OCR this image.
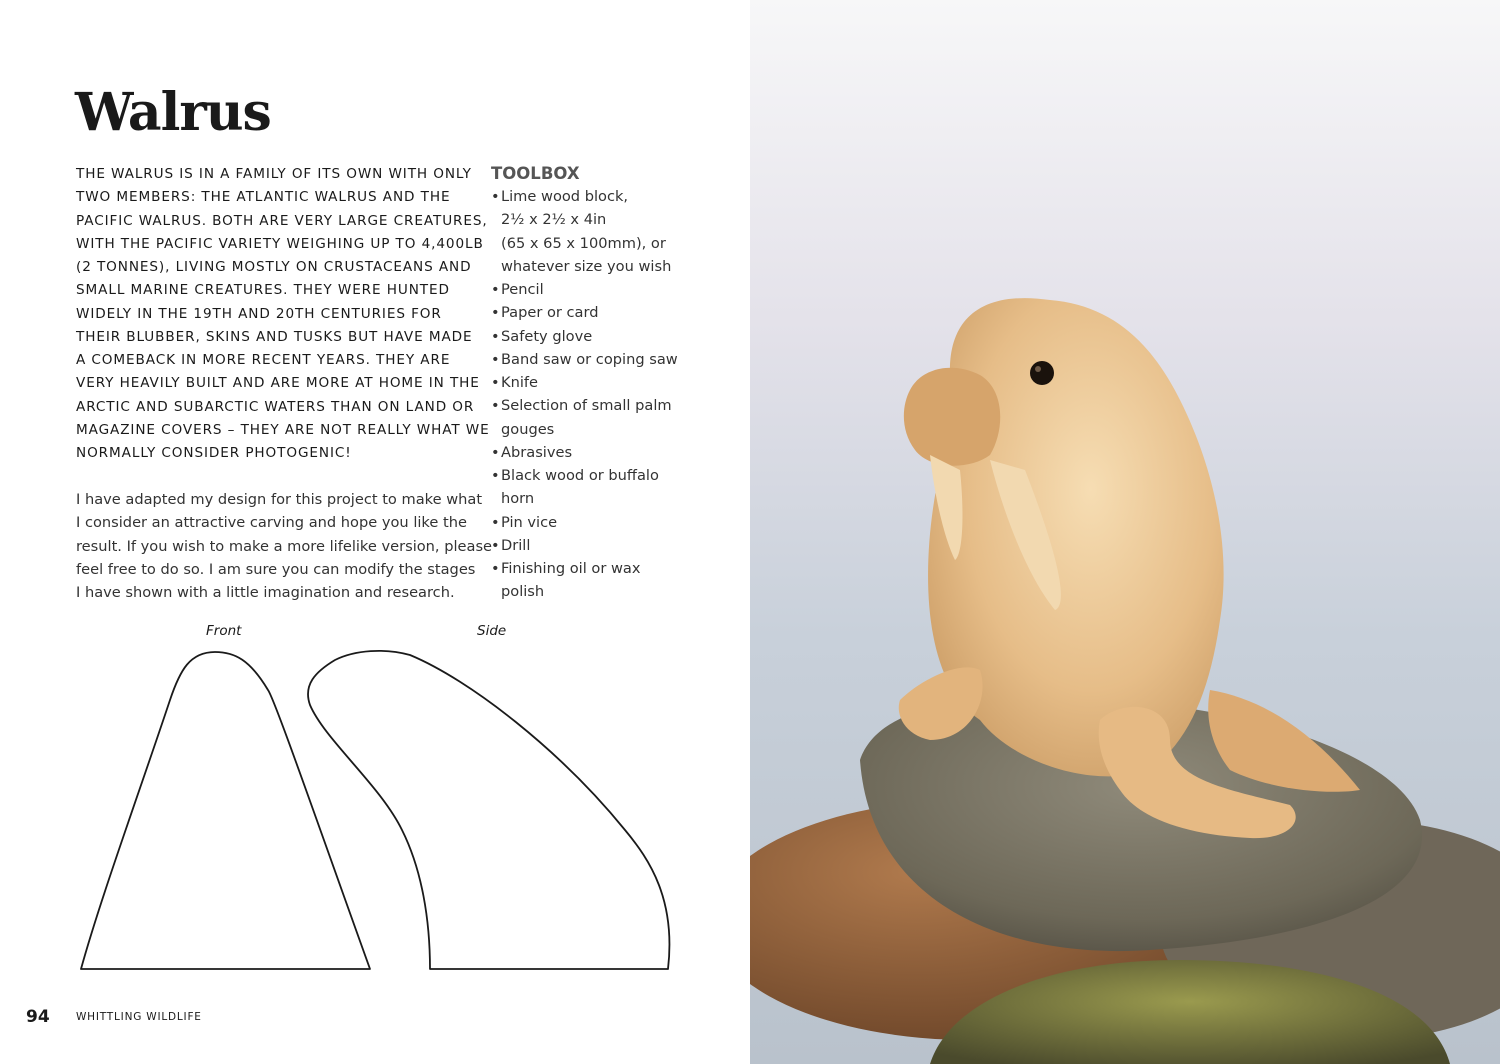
Walrus

THE WALRUS IS IN A FAMILY OF ITS OWN WITH ONLY
TWO MEMBERS: THE ATLANTIC WALRUS AND THE
PACIFIC WALRUS. BOTH ARE VERY LARGE CREATURES,
WITH THE PACIFIC VARIETY WEIGHING UP TO 4,400LB
(2 TONNES), LIVING MOSTLY ON CRUSTACEANS AND
SMALL MARINE CREATURES. THEY WERE HUNTED
WIDELY IN THE 19TH AND 20TH CENTURIES FOR
THEIR BLUBBER, SKINS AND TUSKS BUT HAVE MADE
A COMEBACK IN MORE RECENT YEARS. THEY ARE
VERY HEAVILY BUILT AND ARE MORE AT HOME IN THE
ARCTIC AND SUBARCTIC WATERS THAN ON LAND OR
MAGAZINE COVERS – THEY ARE NOT REALLY WHAT WE
NORMALLY CONSIDER PHOTOGENIC!

I have adapted my design for this project to make what
I consider an attractive carving and hope you like the
result. If you wish to make a more lifelike version, please
feel free to do so. I am sure you can modify the stages
I have shown with a little imagination and research.

TOOLBOX
• Lime wood block,
2½ x 2½ x 4in
(65 x 65 x 100mm), or
whatever size you wish
• Pencil
• Paper or card
• Safety glove
• Band saw or coping saw
• Knife
• Selection of small palm
gouges
• Abrasives
• Black wood or buffalo
horn
• Pin vice
• Drill
• Finishing oil or wax
polish
Front	Side
94	WHITTLING WILDLIFE
